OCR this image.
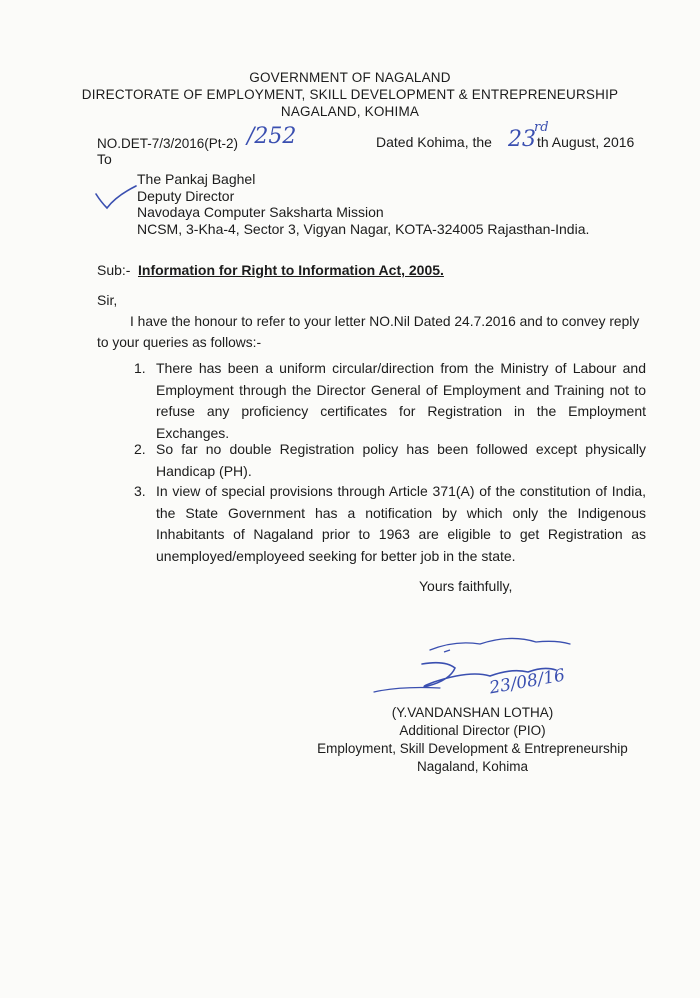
GOVERNMENT OF NAGALAND
DIRECTORATE OF EMPLOYMENT, SKILL DEVELOPMENT & ENTREPRENEURSHIP
NAGALAND, KOHIMA
NO.DET-7/3/2016(Pt-2) /252	Dated Kohima, the 23
rd
th August, 2016
To
The Pankaj Baghel
Deputy Director
Navodaya Computer Saksharta Mission
NCSM, 3-Kha-4, Sector 3, Vigyan Nagar, KOTA-324005 Rajasthan-India.
Sub:- Information for Right to Information Act, 2005.
Sir,
I have the honour to refer to your letter NO.Nil Dated 24.7.2016 and to convey reply
to your queries as follows:-
1. There has been a uniform circular/direction from the Ministry of Labour and Employment through the Director General of Employment and Training not to refuse any proficiency certificates for Registration in the Employment Exchanges.
2. So far no double Registration policy has been followed except physically Handicap (PH).
3. In view of special provisions through Article 371(A) of the constitution of India, the State Government has a notification by which only the Indigenous Inhabitants of Nagaland prior to 1963 are eligible to get Registration as unemployed/employeed seeking for better job in the state.
Yours faithfully,
23/08/16
(Y.VANDANSHAN LOTHA)
Additional Director (PIO)
Employment, Skill Development & Entrepreneurship
Nagaland, Kohima
